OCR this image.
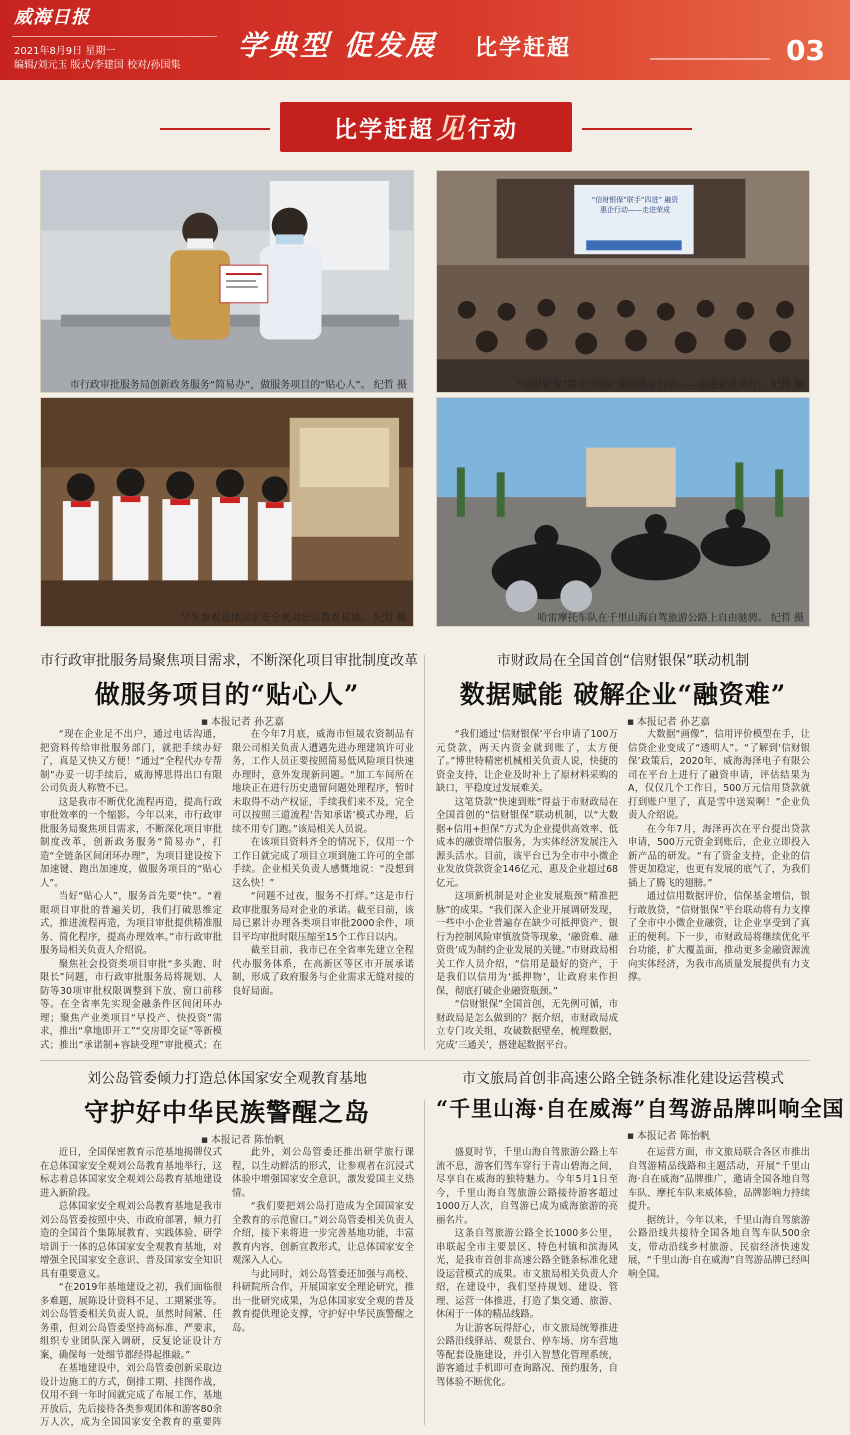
威海日报
2021年8月9日 星期一
编辑/刘元玉 版式/李建国 校对/孙国集
学典型 促发展 比学赶超	03
比学赶超 见 行动
市行政审批服务局创新政务服务“简易办”，做服务项目的“贴心人”。 纪哲 摄
“信财银保”联手“四进” 融资惠企行动——走进荣成
“信财银保”联手“四进”融资惠企行动——走进荣成举行。 纪哲 摄
学生参观总体国家安全观刘公岛教育基地。 纪哲 摄	哈雷摩托车队在千里山海自驾旅游公路上自由驰骋。 纪哲 摄
市行政审批服务局聚焦项目需求，不断深化项目审批制度改革
做服务项目的“贴心人”
■ 本报记者 孙艺嘉

“现在企业足不出户，通过电话沟通，把资料传给审批服务部门，就把手续办好了，真是又快又方便！”通过“全程代办专帮制”办妥一切手续后，威海博思得出口有限公司负责人称赞不已。

这是我市不断优化流程再造，提高行政审批效率的一个缩影。今年以来，市行政审批服务局聚焦项目需求，不断深化项目审批制度改革，创新政务服务“简易办”，打造“全链条区间闭环办理”，为项目建设按下加速键、跑出加速度，做服务项目的“贴心人”。

当好“贴心人”，服务首先要“快”。“着眼项目审批的普遍关切，我们打破思维定式，推进流程再造，为项目审批提供精准服务、简化程序，提高办理效率。”市行政审批服务局相关负责人介绍说。

聚焦社会投资类项目审批“多头跑、时限长”问题，市行政审批服务局将规划、人防等30项审批权限调整到下放、窗口前移等。在全省率先实现金融条件区间闭环办理；聚焦产业类项目“早投产、快投资”需求，推出“拿地即开工”“交房即交证”等新模式；推出“承诺制+容缺受理”审批模式；在

在今年7月底，威海市恒晟农资制品有限公司相关负责人遭遇先进办理建筑许可业务，工作人员正要按照简易低风险项目快速办理时，意外发现新问题。“加工车间所在地块正在进行历史遗留问题处理程序，暂时未取得不动产权证，手续我们来不及，完全可以按照三道流程‘告知承诺’模式办理，后续不用专门跑。”该局相关人员说。

在该项目资料齐全的情况下，仅用一个工作日就完成了项目立项到施工许可的全部手续。企业相关负责人感慨地说：“没想到这么快！”

“问题不过夜，服务不打烊。”这是市行政审批服务局对企业的承诺。截至目前，该局已累计办理各类项目审批2000余件，项目平均审批时限压缩至15个工作日以内。

截至目前，我市已在全省率先建立全程代办服务体系，在高新区等区市开展承诺制，形成了政府服务与企业需求无缝对接的良好局面。

市财政局在全国首创“信财银保”联动机制
数据赋能 破解企业“融资难”
■ 本报记者 孙艺嘉

“我们通过‘信财银保’平台申请了100万元贷款，两天内资金就到账了，太方便了。”博世特精密机械相关负责人说，快捷的资金支持，让企业及时补上了原材料采购的缺口，平稳度过发展难关。

这笔贷款“快速到账”得益于市财政局在全国首创的“信财银保”联动机制，以“大数据+信用+担保”方式为企业提供高效率、低成本的融资增信服务，为实体经济发展注入源头活水。目前，该平台已为全市中小微企业发放贷款资金146亿元，惠及企业超过68亿元。

这项新机制是对企业发展瓶颈“精准把脉”的成果。“我们深入企业开展调研发现，一些中小企业普遍存在缺少可抵押资产、银行为控制风险审慎放贷等现象，‘融资难、融资贵’成为制约企业发展的关键。”市财政局相关工作人员介绍，“信用是最好的资产，于是我们以信用为‘抵押物’，让政府来作担保，彻底打破企业融资瓶颈。”

“信财银保”全国首创，无先例可循，市财政局是怎么做到的？据介绍，市财政局成立专门攻关组，攻破数据壁垒，梳理数据，完成‘三通关’，搭建起数据平台。

大数据“画像”，信用评价模型在手，让信贷企业变成了“透明人”。“了解到‘信财银保’政策后，2020年，威海海泽电子有限公司在平台上进行了融资申请，评估结果为A，仅仅几个工作日，500万元信用贷款就打到账户里了，真是雪中送炭啊！”企业负责人介绍说。

在今年7月，海泽再次在平台提出贷款申请，500万元资金到账后，企业立即投入新产品的研发。“有了资金支持，企业的信誉更加稳定，也更有发展的底气了，为我们插上了腾飞的翅膀。”

通过信用数据评价，信保基金增信，银行敢放贷，“信财银保”平台联动将有力支撑了全市中小微企业融资，让企业享受到了真正的便利。下一步，市财政局将继续优化平台功能，扩大覆盖面，推动更多金融资源流向实体经济，为我市高质量发展提供有力支撑。

刘公岛管委倾力打造总体国家安全观教育基地
守护好中华民族警醒之岛
■ 本报记者 陈怡帆

近日，全国保密教育示范基地揭牌仪式在总体国家安全观刘公岛教育基地举行，这标志着总体国家安全观刘公岛教育基地建设进入新阶段。

总体国家安全观刘公岛教育基地是我市刘公岛管委按照中央、市政府部署，倾力打造的全国首个集陈展教育、实践体验、研学培训于一体的总体国家安全观教育基地，对增强全民国家安全意识、普及国家安全知识具有重要意义。

“在2019年基地建设之初，我们面临很多难题，展陈设计资料不足、工期紧张等。刘公岛管委相关负责人说，虽然时间紧、任务重，但刘公岛管委坚持高标准、严要求，组织专业团队深入调研，反复论证设计方案，确保每一处细节都经得起推敲。”

在基地建设中，刘公岛管委创新采取边设计边施工的方式，倒排工期、挂图作战，仅用不到一年时间就完成了布展工作，基地开放后，先后接待各类参观团体和游客80余万人次，成为全国国家安全教育的重要阵

此外，刘公岛管委还推出研学旅行课程，以生动鲜活的形式，让参观者在沉浸式体验中增强国家安全意识，激发爱国主义热情。

“我们要把刘公岛打造成为全国国家安全教育的示范窗口。”刘公岛管委相关负责人介绍，接下来将进一步完善基地功能，丰富教育内容，创新宣教形式，让总体国家安全观深入人心。

与此同时，刘公岛管委还加强与高校、科研院所合作，开展国家安全理论研究，推出一批研究成果，为总体国家安全观的普及教育提供理论支撑，守护好中华民族警醒之岛。

市文旅局首创非高速公路全链条标准化建设运营模式
“千里山海·自在威海”自驾游品牌叫响全国
■ 本报记者 陈怡帆

盛夏时节，千里山海自驾旅游公路上车流不息，游客们驾车穿行于青山碧海之间，尽享自在威海的独特魅力。今年5月1日至今，千里山海自驾旅游公路接待游客超过1000万人次，自驾游已成为威海旅游的亮丽名片。

这条自驾旅游公路全长1000多公里，串联起全市主要景区、特色村镇和滨海风光，是我市首创非高速公路全链条标准化建设运营模式的成果。市文旅局相关负责人介绍，在建设中，我们坚持规划、建设、管理、运营一体推进，打造了集交通、旅游、休闲于一体的精品线路。

为让游客玩得舒心，市文旅局统筹推进公路沿线驿站、观景台、停车场、房车营地等配套设施建设，并引入智慧化管理系统，游客通过手机即可查询路况、预约服务，自驾体验不断优化。

在运营方面，市文旅局联合各区市推出自驾游精品线路和主题活动，开展“千里山海·自在威海”品牌推广，邀请全国各地自驾车队、摩托车队来威体验，品牌影响力持续提升。

据统计，今年以来，千里山海自驾旅游公路沿线共接待全国各地自驾车队500余支，带动沿线乡村旅游、民宿经济快速发展，“千里山海·自在威海”自驾游品牌已经叫响全国。
